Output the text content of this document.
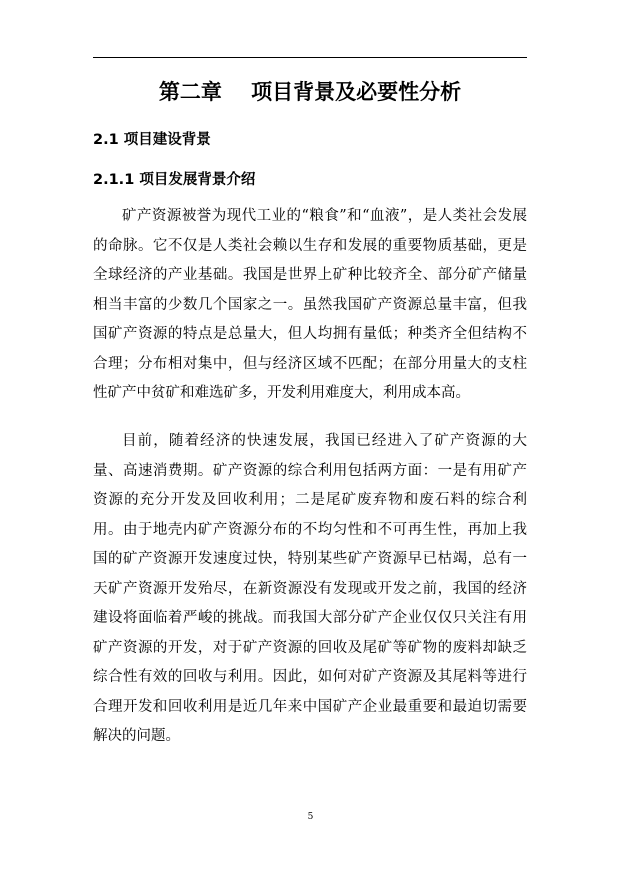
第二章    项目背景及必要性分析
2.1 项目建设背景
2.1.1 项目发展背景介绍

矿产资源被誉为现代工业的“粮食”和“血液”，是人类社会发展的命脉。它不仅是人类社会赖以生存和发展的重要物质基础，更是全球经济的产业基础。我国是世界上矿种比较齐全、部分矿产储量相当丰富的少数几个国家之一。虽然我国矿产资源总量丰富，但我国矿产资源的特点是总量大，但人均拥有量低；种类齐全但结构不合理；分布相对集中，但与经济区域不匹配；在部分用量大的支柱性矿产中贫矿和难选矿多，开发利用难度大，利用成本高。

目前，随着经济的快速发展，我国已经进入了矿产资源的大量、高速消费期。矿产资源的综合利用包括两方面：一是有用矿产资源的充分开发及回收利用；二是尾矿废弃物和废石料的综合利用。由于地壳内矿产资源分布的不均匀性和不可再生性，再加上我国的矿产资源开发速度过快，特别某些矿产资源早已枯竭，总有一天矿产资源开发殆尽，在新资源没有发现或开发之前，我国的经济建设将面临着严峻的挑战。而我国大部分矿产企业仅仅只关注有用矿产资源的开发，对于矿产资源的回收及尾矿等矿物的废料却缺乏综合性有效的回收与利用。因此，如何对矿产资源及其尾料等进行合理开发和回收利用是近几年来中国矿产企业最重要和最迫切需要解决的问题。

5
